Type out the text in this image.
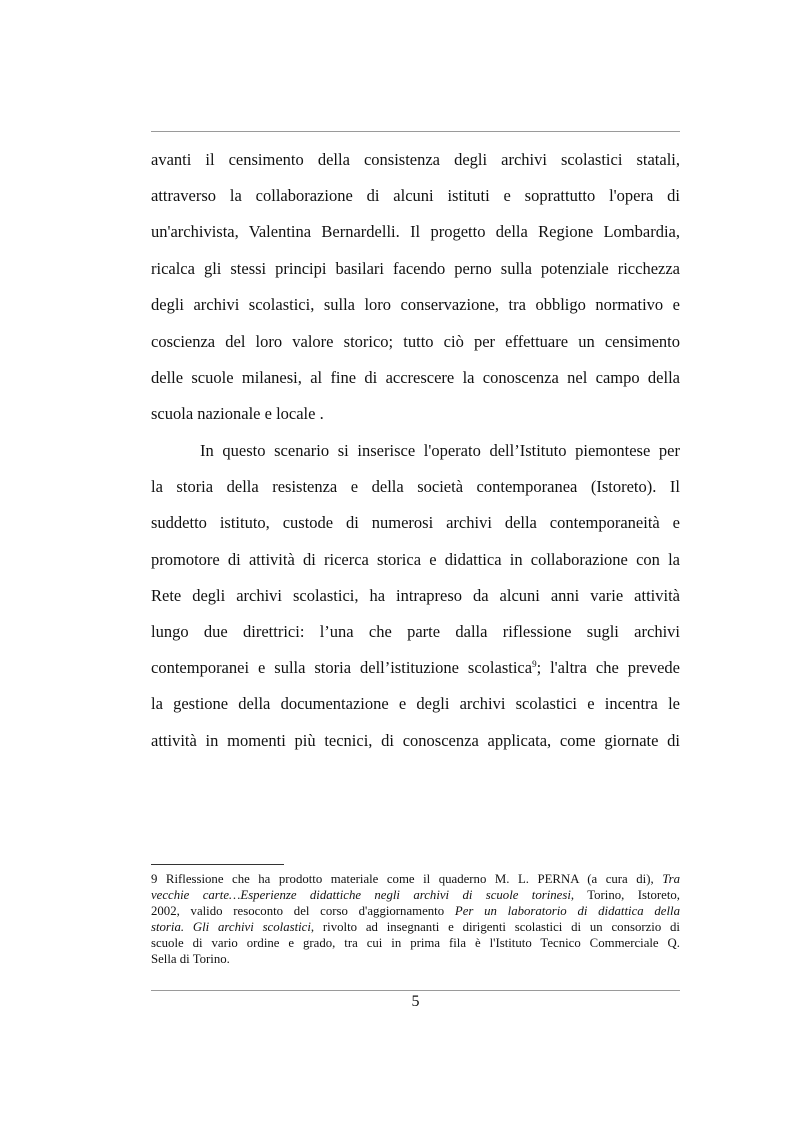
avanti il censimento della consistenza degli archivi scolastici statali,
attraverso la collaborazione di alcuni istituti e soprattutto l'opera di
un'archivista, Valentina Bernardelli. Il progetto della Regione Lombardia,
ricalca gli stessi principi basilari facendo perno sulla potenziale ricchezza
degli archivi scolastici, sulla loro conservazione, tra obbligo normativo e
coscienza del loro valore storico; tutto ciò per effettuare un censimento
delle scuole milanesi, al fine di accrescere la conoscenza nel campo della
scuola nazionale e locale .
In questo scenario si inserisce l'operato dell’Istituto piemontese per
la storia della resistenza e della società contemporanea (Istoreto). Il
suddetto istituto, custode di numerosi archivi della contemporaneità e
promotore di attività di ricerca storica e didattica in collaborazione con la
Rete degli archivi scolastici, ha intrapreso da alcuni anni varie attività
lungo due direttrici: l’una che parte dalla riflessione sugli archivi
contemporanei e sulla storia dell’istituzione scolastica$^9$; l'altra che prevede
la gestione della documentazione e degli archivi scolastici e incentra le
attività in momenti più tecnici, di conoscenza applicata, come giornate di
9 Riflessione che ha prodotto materiale come il quaderno M. L. PERNA (a cura di), Tra
vecchie carte…Esperienze didattiche negli archivi di scuole torinesi, Torino, Istoreto,
2002, valido resoconto del corso d'aggiornamento Per un laboratorio di didattica della
storia. Gli archivi scolastici, rivolto ad insegnanti e dirigenti scolastici di un consorzio di
scuole di vario ordine e grado, tra cui in prima fila è l'Istituto Tecnico Commerciale Q.
Sella di Torino.
5
